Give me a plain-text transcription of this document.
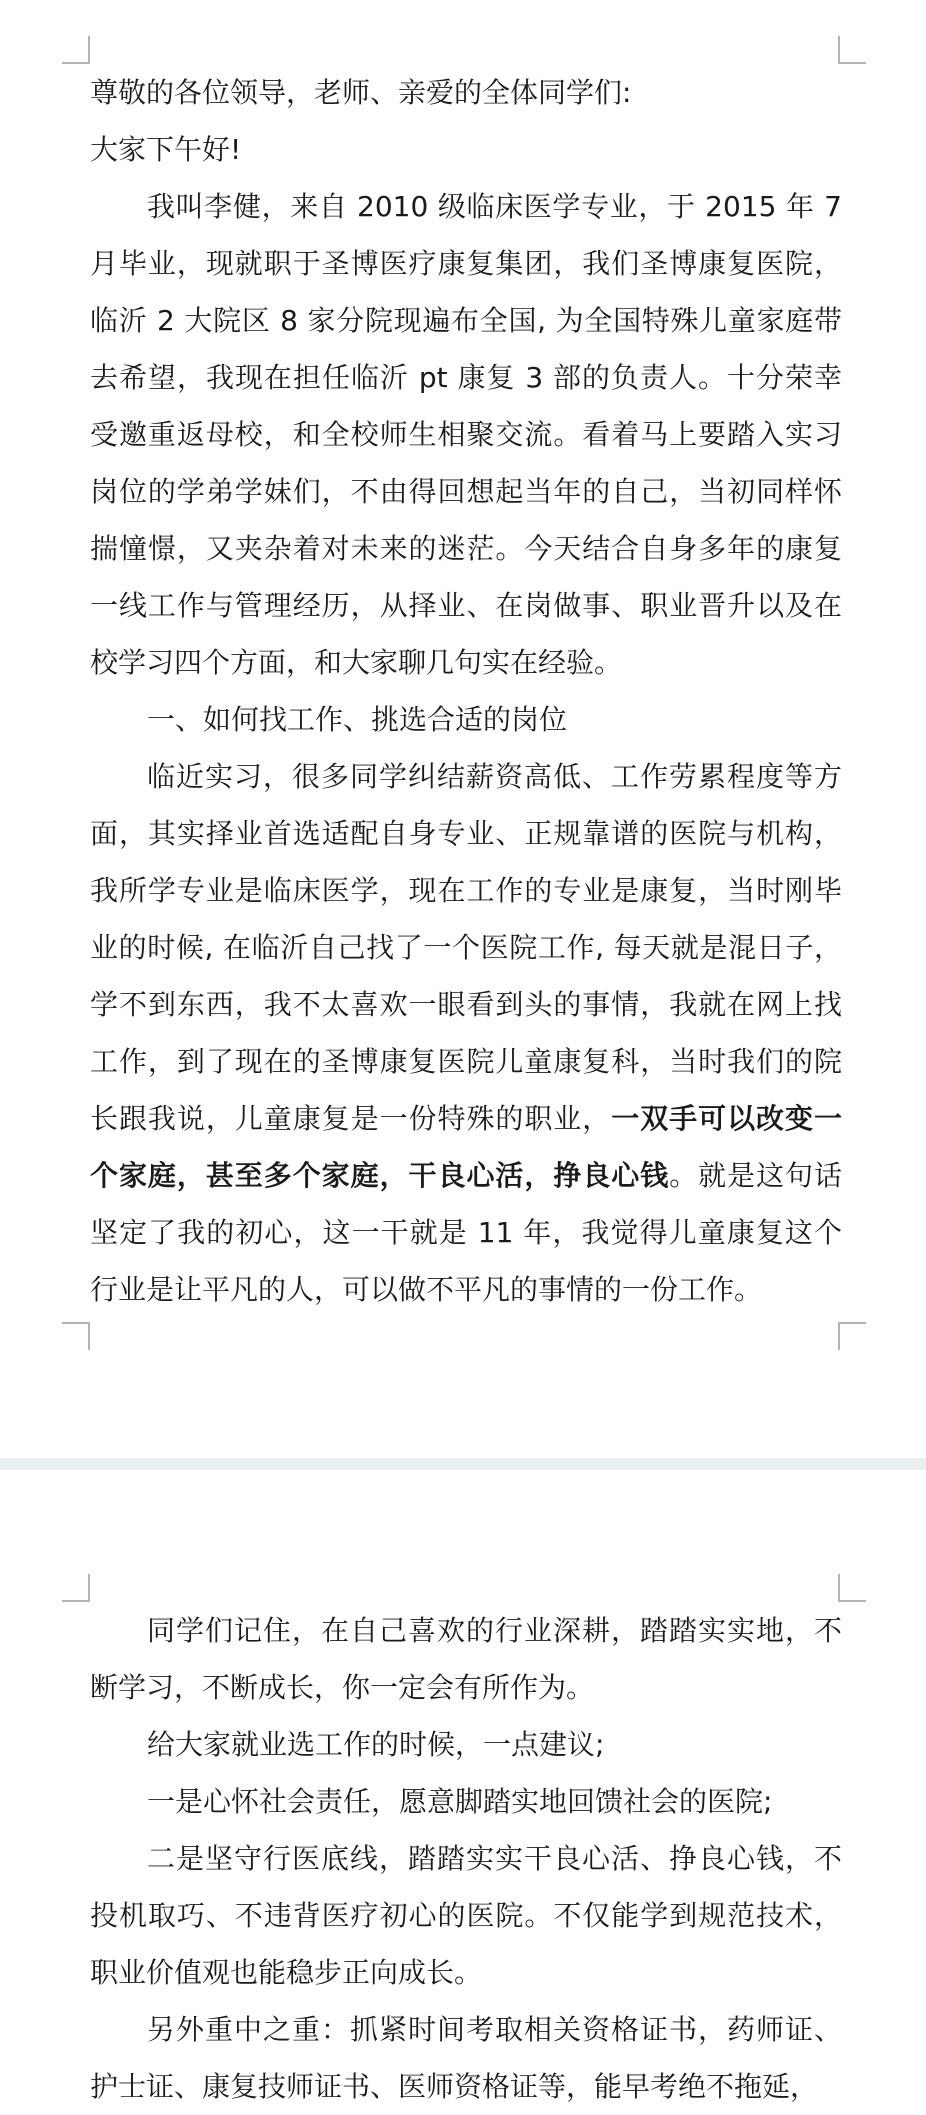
尊敬的各位领导，老师、亲爱的全体同学们:

大家下午好!

我叫李健，来自 2010 级临床医学专业，于 2015 年 7 月毕业，现就职于圣博医疗康复集团，我们圣博康复医院，临沂 2 大院区 8 家分院现遍布全国, 为全国特殊儿童家庭带去希望，我现在担任临沂 pt 康复 3 部的负责人。十分荣幸受邀重返母校，和全校师生相聚交流。看着马上要踏入实习岗位的学弟学妹们，不由得回想起当年的自己，当初同样怀揣憧憬，又夹杂着对未来的迷茫。今天结合自身多年的康复一线工作与管理经历，从择业、在岗做事、职业晋升以及在校学习四个方面，和大家聊几句实在经验。

一、如何找工作、挑选合适的岗位

临近实习，很多同学纠结薪资高低、工作劳累程度等方面，其实择业首选适配自身专业、正规靠谱的医院与机构，我所学专业是临床医学，现在工作的专业是康复，当时刚毕业的时候, 在临沂自己找了一个医院工作, 每天就是混日子，学不到东西，我不太喜欢一眼看到头的事情，我就在网上找工作，到了现在的圣博康复医院儿童康复科，当时我们的院长跟我说，儿童康复是一份特殊的职业，一双手可以改变一个家庭，甚至多个家庭，干良心活，挣良心钱。就是这句话坚定了我的初心，这一干就是 11 年，我觉得儿童康复这个行业是让平凡的人，可以做不平凡的事情的一份工作。

同学们记住，在自己喜欢的行业深耕，踏踏实实地，不断学习，不断成长，你一定会有所作为。

给大家就业选工作的时候，一点建议;

一是心怀社会责任，愿意脚踏实地回馈社会的医院;

二是坚守行医底线，踏踏实实干良心活、挣良心钱，不投机取巧、不违背医疗初心的医院。不仅能学到规范技术，职业价值观也能稳步正向成长。

另外重中之重：抓紧时间考取相关资格证书，药师证、护士证、康复技师证书、医师资格证等，能早考绝不拖延，
